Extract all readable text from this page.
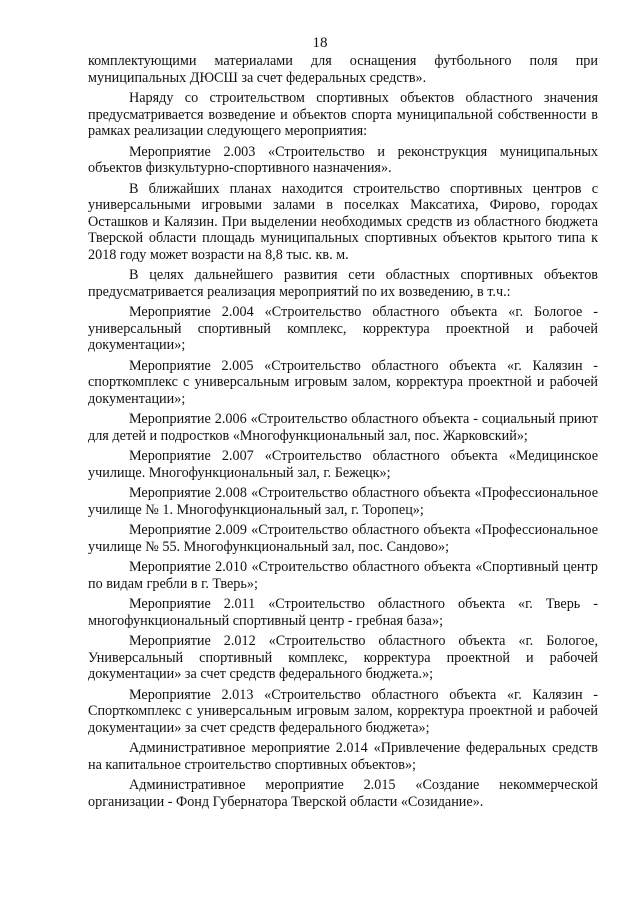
18

комплектующими материалами для оснащения футбольного поля при муниципальных ДЮСШ за счет федеральных средств».

Наряду со строительством спортивных объектов областного значения предусматривается возведение и объектов спорта муниципальной собственности в рамках реализации следующего мероприятия:

Мероприятие 2.003 «Строительство и реконструкция муниципальных объектов физкультурно-спортивного назначения».

В ближайших планах находится строительство спортивных центров с универсальными игровыми залами в поселках Максатиха, Фирово, городах Осташков и Калязин. При выделении необходимых средств из областного бюджета Тверской области площадь муниципальных спортивных объектов крытого типа к 2018 году может возрасти на 8,8 тыс. кв. м.

В целях дальнейшего развития сети областных спортивных объектов предусматривается реализация мероприятий по их возведению, в т.ч.:

Мероприятие 2.004 «Строительство областного объекта «г. Бологое - универсальный спортивный комплекс, корректура проектной и рабочей документации»;

Мероприятие 2.005 «Строительство областного объекта «г. Калязин - спорткомплекс с универсальным игровым залом, корректура проектной и рабочей документации»;

Мероприятие 2.006 «Строительство областного объекта - социальный приют для детей и подростков «Многофункциональный зал, пос. Жарковский»;

Мероприятие 2.007 «Строительство областного объекта «Медицинское училище. Многофункциональный зал, г. Бежецк»;

Мероприятие 2.008 «Строительство областного объекта «Профессиональное училище № 1. Многофункциональный зал, г. Торопец»;

Мероприятие 2.009 «Строительство областного объекта «Профессиональное училище № 55. Многофункциональный зал, пос. Сандово»;

Мероприятие 2.010 «Строительство областного объекта «Спортивный центр по видам гребли в г. Тверь»;

Мероприятие 2.011 «Строительство областного объекта «г. Тверь - многофункциональный спортивный центр - гребная база»;

Мероприятие 2.012 «Строительство областного объекта «г. Бологое, Универсальный спортивный комплекс, корректура проектной и рабочей документации» за счет средств федерального бюджета.»;

Мероприятие 2.013 «Строительство областного объекта «г. Калязин - Спорткомплекс с универсальным игровым залом, корректура проектной и рабочей документации» за счет средств федерального бюджета»;

Административное мероприятие 2.014 «Привлечение федеральных средств на капитальное строительство спортивных объектов»;

Административное мероприятие 2.015 «Создание некоммерческой организации - Фонд Губернатора Тверской области «Созидание».
